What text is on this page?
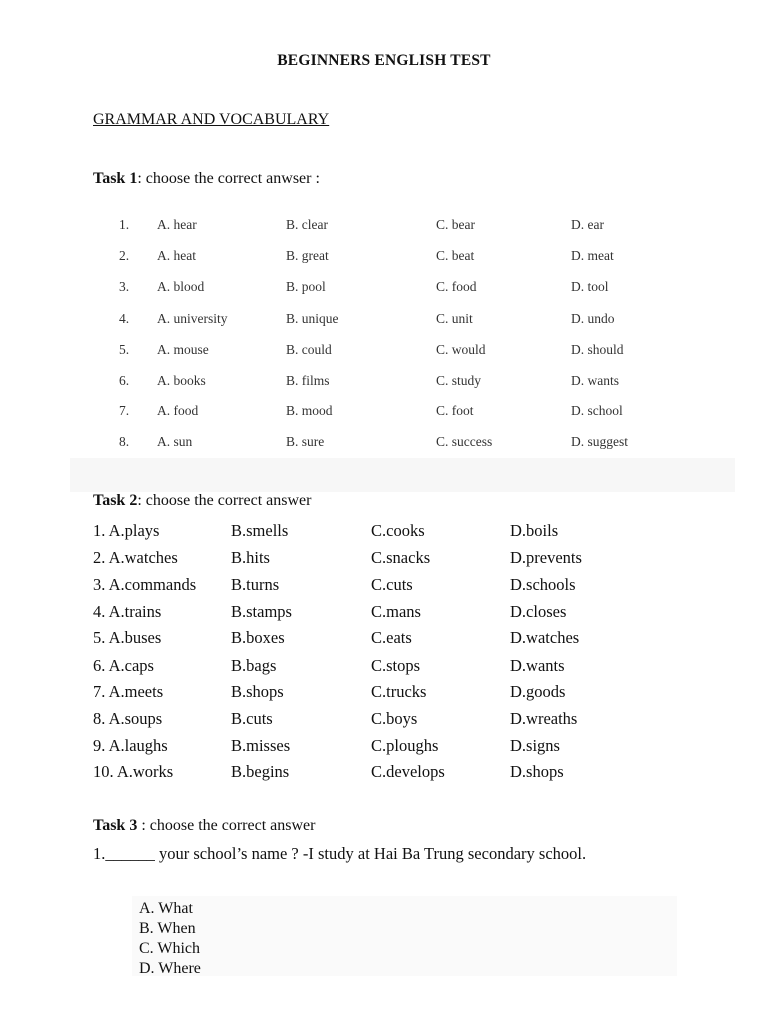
BEGINNERS ENGLISH TEST
GRAMMAR AND VOCABULARY
Task 1: choose the correct anwser :
1. A. hear	B. clear	C. bear	D. ear
2. A. heat	B. great	C. beat	D. meat
3. A. blood	B. pool	C. food	D. tool
4. A. university	B. unique	C. unit	D. undo
5. A. mouse	B. could	C. would	D. should
6. A. books	B. films	C. study	D. wants
7. A. food	B. mood	C. foot	D. school
8. A. sun	B. sure	C. success	D. suggest
Task 2: choose the correct answer
1. A.plays	B.smells	C.cooks	D.boils
2. A.watches	B.hits	C.snacks	D.prevents
3. A.commands B.turns	C.cuts	D.schools
4. A.trains	B.stamps	C.mans	D.closes
5. A.buses	B.boxes	C.eats	D.watches
6. A.caps	B.bags	C.stops	D.wants
7. A.meets	B.shops	C.trucks	D.goods
8. A.soups	B.cuts	C.boys	D.wreaths
9. A.laughs	B.misses	C.ploughs	D.signs
10. A.works	B.begins	C.develops	D.shops
Task 3 : choose the correct answer
1.______ your school’s name ? -I study at Hai Ba Trung secondary school.
A. What
B. When
C. Which
D. Where
